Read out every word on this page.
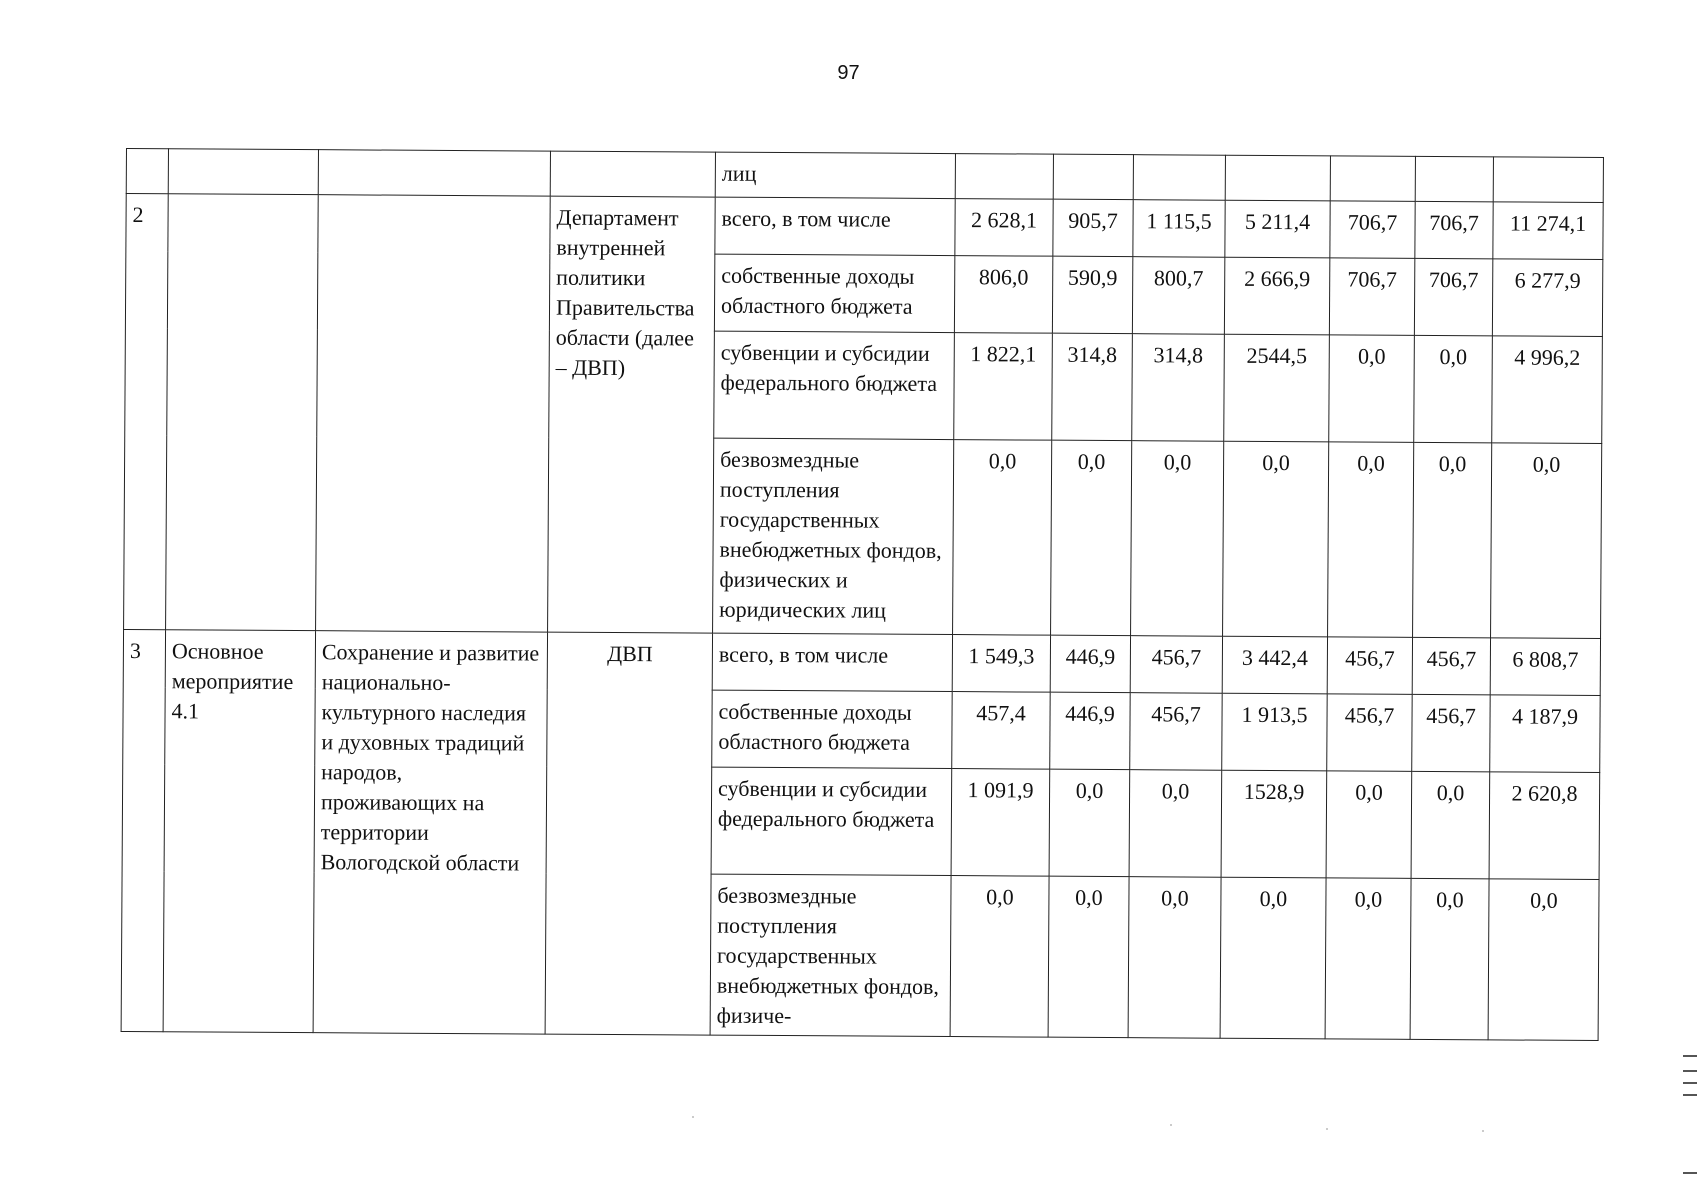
97
				лиц							
2			Департамент внутренней политики Правительства области (далее – ДВП)	всего, в том числе	2 628,1	905,7	1 115,5	5 211,4	706,7	706,7	11 274,1
				собственные доходы областного бюджета	806,0	590,9	800,7	2 666,9	706,7	706,7	6 277,9
				субвенции и субсидии федерального бюджета	1 822,1	314,8	314,8	2544,5	0,0	0,0	4 996,2
				безвозмездные поступления государственных внебюджетных фондов, физических и юридических лиц	0,0	0,0	0,0	0,0	0,0	0,0	0,0
3	Основное мероприятие 4.1	Сохранение и развитие национально-культурного наследия и духовных традиций народов, проживающих на территории Вологодской области	ДВП	всего, в том числе	1 549,3	446,9	456,7	3 442,4	456,7	456,7	6 808,7
				собственные доходы областного бюджета	457,4	446,9	456,7	1 913,5	456,7	456,7	4 187,9
				субвенции и субсидии федерального бюджета	1 091,9	0,0	0,0	1528,9	0,0	0,0	2 620,8
				безвозмездные поступления государственных внебюджетных фондов, физиче-	0,0	0,0	0,0	0,0	0,0	0,0	0,0
